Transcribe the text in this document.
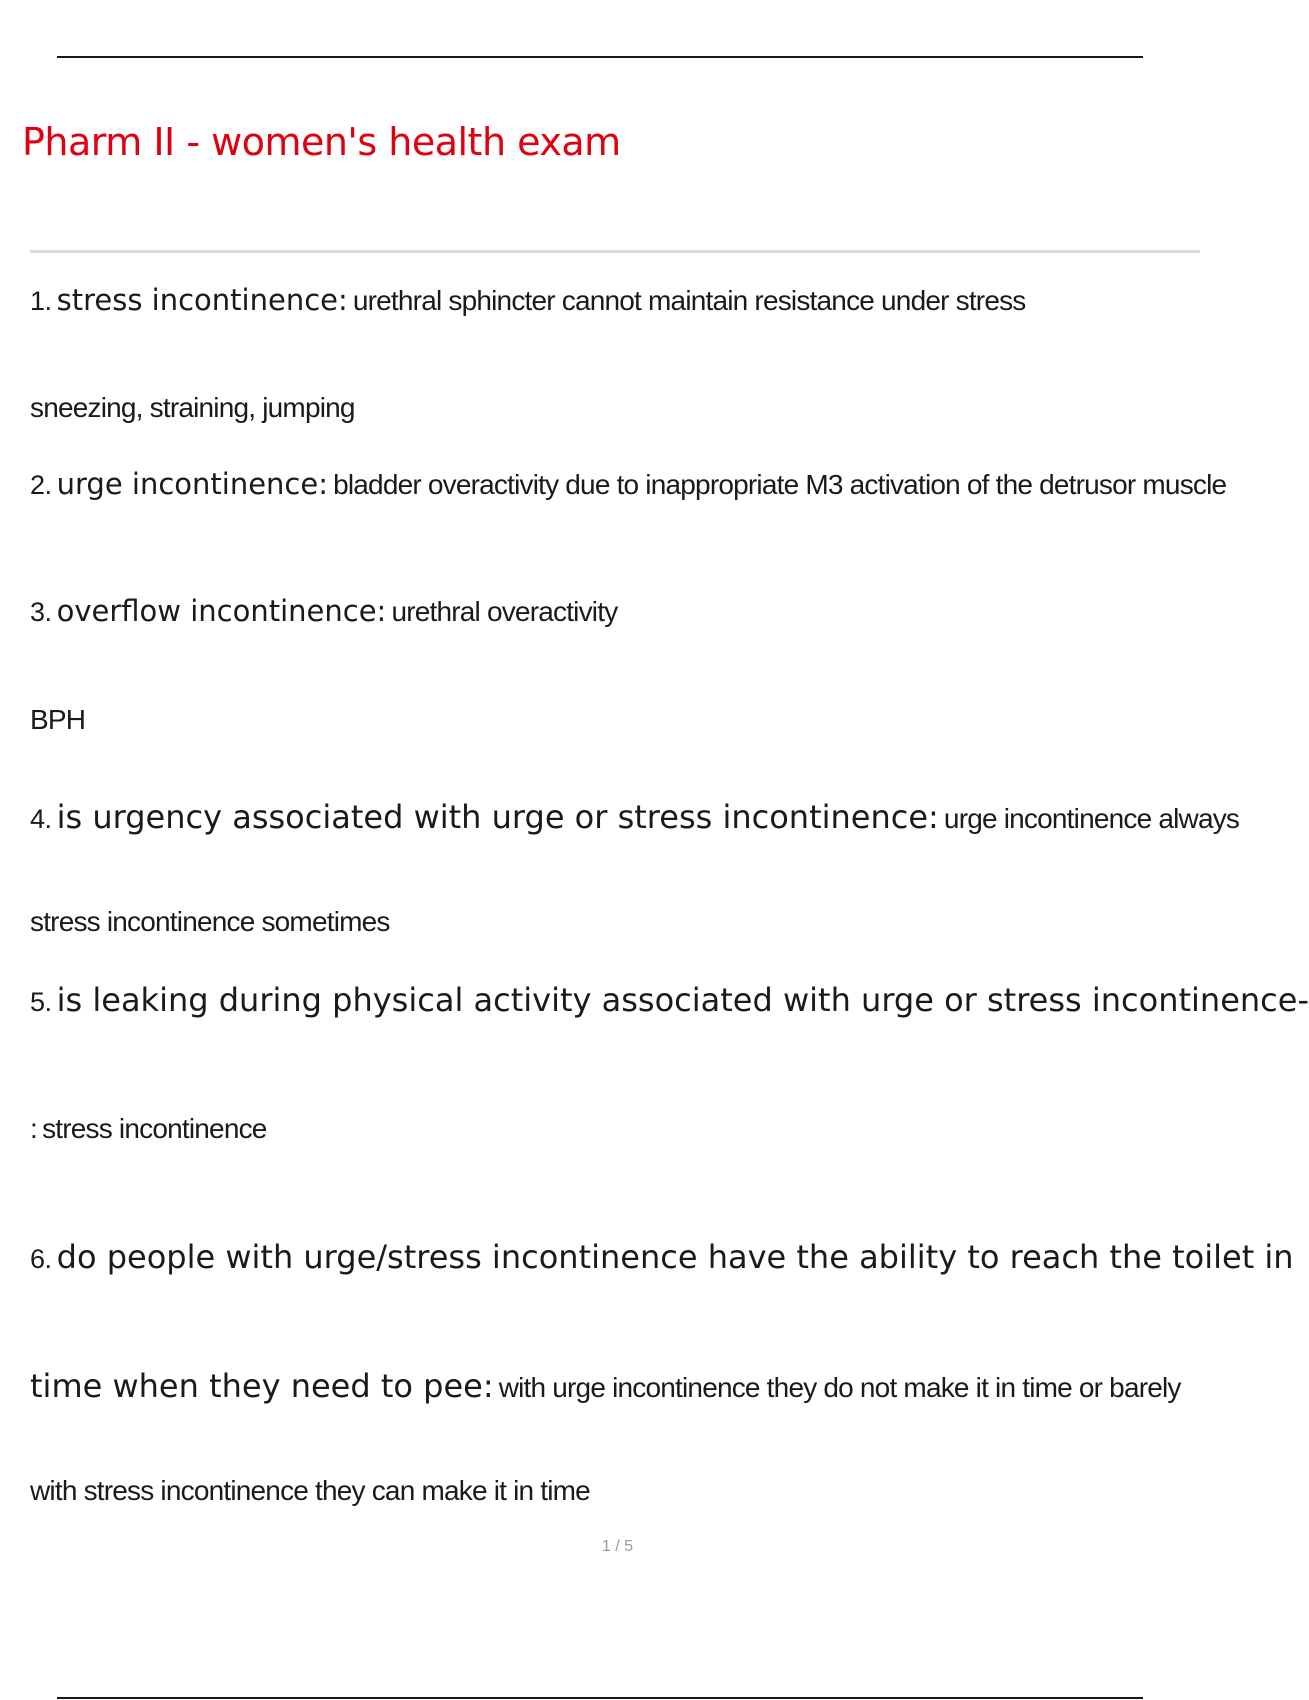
Pharm II - women's health exam
1. stress incontinence: urethral sphincter cannot maintain resistance under stress
sneezing, straining, jumping
2. urge incontinence: bladder overactivity due to inappropriate M3 activation of the detrusor muscle
3. overflow incontinence: urethral overactivity
BPH
4. is urgency associated with urge or stress incontinence: urge incontinence always
stress incontinence sometimes
5. is leaking during physical activity associated with urge or stress incontinence-
: stress incontinence
6. do people with urge/stress incontinence have the ability to reach the toilet in
time when they need to pee: with urge incontinence they do not make it in time or barely
with stress incontinence they can make it in time
1 / 5
